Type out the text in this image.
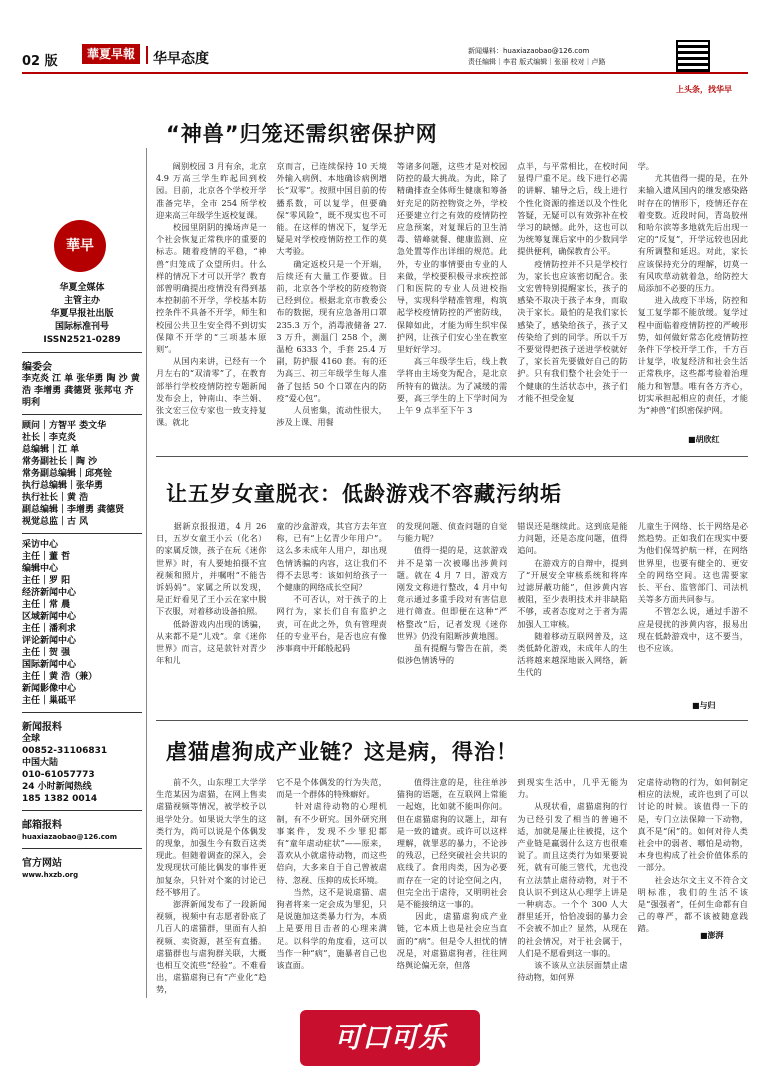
02 版	華夏早報	华早态度	新闻爆料：huaxiazaobao@126.com
责任编辑｜李君 版式编辑｜张丽 校对｜卢路
上头条，找华早
華早
华夏全媒体
主管主办
华夏早报社出版
国际标准刊号
ISSN2521-0289
编委会
李克炎 江 单 张华勇 陶 沙 黄 浩 李增勇 龚德贤 张邦屯 齐明利
顾问｜方智平 娄文华
社长｜李克炎
总编辑｜江 单
常务副社长｜陶 沙
常务副总编辑｜邱亮铨
执行总编辑｜张华勇
执行社长｜黄 浩
副总编辑｜李增勇 龚德贤
视觉总监｜古 风
采访中心
主任｜董 哲
编辑中心
主任｜罗 阳
经济新闻中心
主任｜常 晨
区域新闻中心
主任｜潘利求
评论新闻中心
主任｜贺 强
国际新闻中心
主任｜黄 浩（兼）
新闻影像中心
主任｜巢砥平
新闻报料
全球
00852-31106831
中国大陆
010-61057773
24 小时新闻热线
185 1382 0014
邮箱报料
huaxiazaobao@126.com
官方网站
www.hxzb.org
“神兽”归笼还需织密保护网
　　阔别校园 3 月有余，北京 4.9 万高三学生昨起回到校园。目前，北京各个学校开学准备完毕，全市 254 所学校迎来高三年级学生返校复课。
　　校园里阴阴的操场声是一个社会恢复正常秩序的重要的标志。随着疫情的平稳，“神兽”归笼成了众望所归。什么样的情况下才可以开学？教育部曾明确提出疫情没有得到基本控制前不开学，学校基本防控条件不具备不开学，师生和校园公共卫生安全得不到切实保障不开学的“三项基本原则”。
　　从国内来讲，已经有一个月左右的“双清零”了，在教育部举行学校疫情防控专题新闻发布会上，钟南山、李兰娟、张文宏三位专家也一致支持复课。就北
京而言，已连续保持 10 天境外输入病例、本地确诊病例增长“双零”。按照中国目前的传播系数，可以复学，但要确保“零风险”，既不现实也不可能。在这样的情况下，复学无疑是对学校疫情防控工作的莫大考验。
　　确定返校只是一个开端，后续还有大量工作要做。目前，北京各个学校的防疫物资已经到位。根据北京市教委公布的数据，现有应急备用口罩 235.3 万个，消毒液储备 27.3 万升，测温门 258 个，测温枪 6333 个，手套 25.4 万副，防护服 4160 套。有的还为高三、初三年级学生每人准备了包括 50 个口罩在内的防疫“爱心包”。
　　人员密集，流动性很大，涉及上课、用餐
等诸多问题，这些才是对校园防控的最大挑战。为此，除了精确排查全体师生健康和筹备好充足的防控物资之外，学校还要建立行之有效的疫情防控应急预案，对复课后的卫生消毒、错峰就餐、健康监测、应急处置等作出详细的规范。此外，专业的事情要由专业的人来做，学校要积极寻求疾控部门和医院的专业人员进校指导，实现科学精准管理，构筑起学校疫情防控的严密防线，保障如此，才能为师生织牢保护网，让孩子们安心坐在教室里好好学习。
　　高三年级学生后，线上教学将由主场变为配合，是北京所特有的做法。为了减缓的需要，高三学生的上下学时间为上午 9 点半至下午 3
点半，与平常相比，在校时间显得尸重不足。线下进行必需的讲解、辅导之后，线上进行个性化资源的推送以及个性化答疑，无疑可以有效弥补在校学习的缺憾。此外，这也可以为统筹复课后家中的少数同学提供便利，确保教育公平。
　　疫情防控并不只是学校行为，家长也应该密切配合。张文宏曾特别提醒家长，孩子的感染不取决于孩子本身，而取决于家长。最怕的是我们家长感染了，感染给孩子，孩子又传染给了到的同学。所以千万不要觉得把孩子送进学校就好了，家长首先要做好自己的防护。只有我们整个社会处于一个健康的生活状态中，孩子们才能不担受金复
学。
　　尤其值得一提的是，在外来输入遗风国内的继发感染路时存在的情形下，疫情还存在着变数。近段时间，青岛胶州和哈尔滨等多地就先后出现一定的“反复”，开学远较也因此有所调整和延迟。对此，家长应该保持充分的理解，切莫一有风吹草动就着急，给防控大局添加不必要的压力。
　　进入战疫下半场，防控和复工复学都不能放缓。复学过程中面临着疫情防控的严峻形势，如何做好常态化疫情防控条件下学校开学工作，千方百计复学，收复经济和社会生活正常秩序，这些都考验着治理能力和智慧。唯有各方齐心，切实承担起相应的责任，才能为“神兽”们织密保护网。
■胡欣红
让五岁女童脱衣：低龄游戏不容藏污纳垢
　　据新京报报道，4 月 26 日，五岁女童王小云（化名）的家属反馈，孩子在玩《迷你世界》时，有人要她拍摄不宜视频和照片，并嘱咐“不能告诉妈妈”。家属之所以发现，是正好看见了王小云在家中脱下衣服，对着移动设备拍照。
　　低龄游戏内出现的诱骗，从来都不是“儿戏”。拿《迷你世界》而言，这是款针对青少年和儿
童的沙盒游戏，其官方去年宣称，已有“上亿青少年用户”。这么多未成年人用户，却出现色情诱骗的内容，这让我们不得不去思考：该如何给孩子一个健康的网络成长空间？
　　不可否认，对于孩子的上网行为，家长们自有监护之责，可在此之外，负有管理责任的专业平台，是否也应有像涉事商中开邮般起码
的发现问题、侦查问题的自觉与能力呢？
　　值得一提的是，这款游戏并不是第一次被曝出涉黄问题。就在 4 月 7 日，游戏方刚发文称进行整改，4 月中旬竟示通过多重手段对有害信息进行筛查。但即便在这种“严格整改”后，记者发现《迷你世界》仍没有阻断涉黄地图。
　　虽有提醒与警告在前，类似涉色情诱导的
错误还是继续此。这到底是能力问题，还是态度问题，值得追问。
　　在游戏方的自辩中，提到了“开展安全审核系统和将库过滤屏蔽功能”，但涉黄内容被阻，至少表明技术并非缺陷不够，或者态度对之于者为需加强人工审核。
　　随着移动互联网普及，这类低龄化游戏，未成年人的生活将越来越深地嵌入网络，新生代的
儿童生于网络、长于网络是必然趋势。正如我们在现实中要为他们保驾护航一样，在网络世界里，也要有健全的、更安全的网络空间。这也需要家长、平台、监管部门、司法机关等多方面共同参与。
　　不管怎么说，通过手游不应是侵扰的涉黄内容，报易出现在低龄游戏中，这不要当，也不应该。
■与归
虐猫虐狗成产业链？这是病，得治！
　　前不久，山东理工大学学生范某因为虐猫，在网上售卖虐猫视频等情况，被学校予以退学处分。如果说大学生的这类行为，尚可以说是个体偶发的现象，加强生今有数百这类现此。但随着调查的深入，会发现现状可能比偶发的事件更加复杂，只针对个案的讨论已经不够用了。
　　澎湃新闻发布了一段新闻视频，视频中有志愿者卧底了几百人的虐猫群，里面有人拍视频、卖资源，甚至有直播。虐猫群也与虐狗群关联，大概也相互交流些“经验”。不难看出，虐猫虐狗已有“产业化”趋势，
它不是个体偶发的行为失范，而是一个群体的特殊癖好。
　　针对虐待动物的心理机制，有不少研究。国外研究刑事案件，发现不少罪犯都有“童年虐动症状”——原来，喜欢从小就虐待动物，而这些倍向，大多来自于自己曾被虐待、忽视、压抑的成长环境。
　　当然，这不是说虐猫、虐狗者将来一定会成为罪犯，只是说施加这类暴力行为，本质上是要用目击者的心理来满足。以科学的角度看，这可以当作一种“病”，施暴者自己也该直面。
　　值得注意的是，往往单涉猫狗的语题，在互联网上常能一起炮，比如就不能叫你问。但在虐猫虐狗的议题上，却有是一致的谴责。或许可以这样理解，就罪恶的暴力，不论涉的残忍，已经突破社会共识的底线了。食用肉类，因为必要而存在一定的讨论空间之内，但完全出于虐待，又明明社会是不能接纳这一事的。
　　因此，虐猫虐狗成产业链，它本质上也是社会应当直面的“病”。但是令人担忧的情况是，对虐猫虐狗者，往往网络舆论偏无奈，但落
到现实生活中，几乎无能为力。
　　从现状看，虐猫虐狗的行为已经引发了相当的普遍不适，加就是屡止往被提，这个产业链是羸弱什么这方也很难说了。而且这类行为如果要说死，就有可能三管代，尤也没有立法禁止虐待动物，对于不良认识不到这从心理学上讲是一种病态。一个个 300 人大群里延开，恰恰凌弱的暴力会不会被不加止？显然，从现在的社会情况，对于社会属于，人们是不愿看到这一事的。
　　该不该从立法层面禁止虐待动物，如何界
定虐待动物的行为，如何制定相应的法规，或许也到了可以讨论的时候。该值得一下的是，专门立法保障一下动物，真不是“闲”的。如何对待人类社会中的弱者、哪怕是动物，本身也构成了社会价值体系的一部分。
　　社会达尔文主义不符合文明标准，我们的生活不该是“强强者”，任何生命都有自己的尊严，都不该被随意践踏。
■澎湃
可口可乐
